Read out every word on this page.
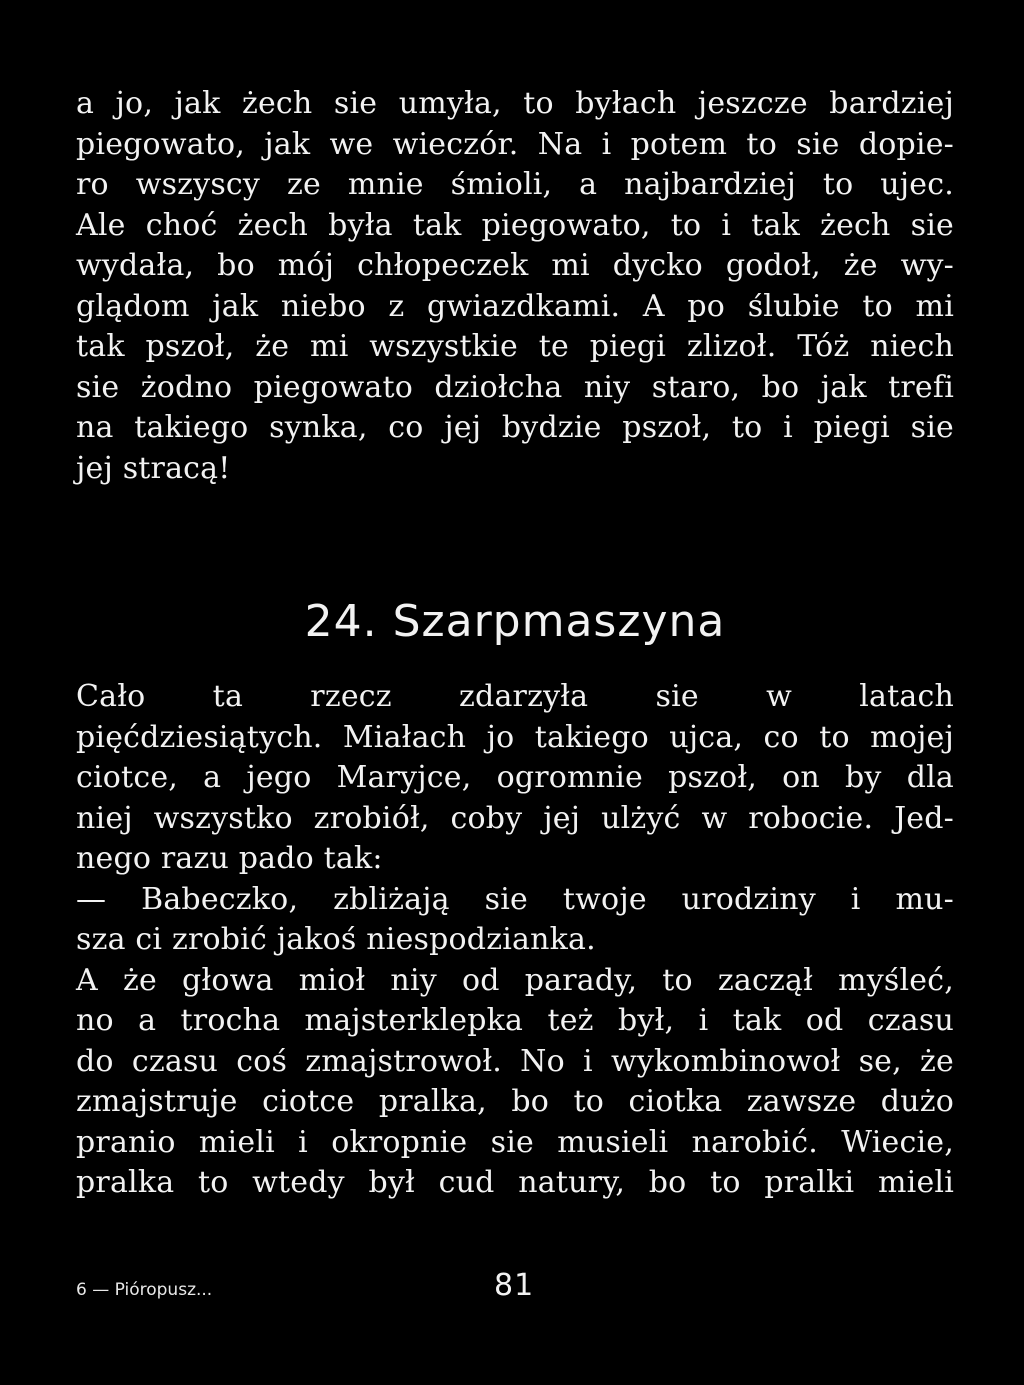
a jo, jak żech sie umyła, to byłach jeszcze bardziej
piegowato, jak we wieczór. Na i potem to sie dopie-
ro wszyscy ze mnie śmioli, a najbardziej to ujec.
Ale choć żech była tak piegowato, to i tak żech sie
wydała, bo mój chłopeczek mi dycko godoł, że wy-
glądom jak niebo z gwiazdkami. A po ślubie to mi
tak pszoł, że mi wszystkie te piegi zlizoł. Tóż niech
sie żodno piegowato dziołcha niy staro, bo jak trefi
na takiego synka, co jej bydzie pszoł, to i piegi sie
jej stracą!
24. Szarpmaszyna
Cało ta rzecz zdarzyła sie w latach
pięćdziesiątych. Miałach jo takiego ujca, co to mojej
ciotce, a jego Maryjce, ogromnie pszoł, on by dla
niej wszystko zrobiół, coby jej ulżyć w robocie. Jed-
nego razu pado tak:
— Babeczko, zbliżają sie twoje urodziny i mu-
sza ci zrobić jakoś niespodzianka.
A że głowa mioł niy od parady, to zaczął myśleć,
no a trocha majsterklepka też był, i tak od czasu
do czasu coś zmajstrowoł. No i wykombinowoł se, że
zmajstruje ciotce pralka, bo to ciotka zawsze dużo
pranio mieli i okropnie sie musieli narobić. Wiecie,
pralka to wtedy był cud natury, bo to pralki mieli
6 — Pióropusz...	81
